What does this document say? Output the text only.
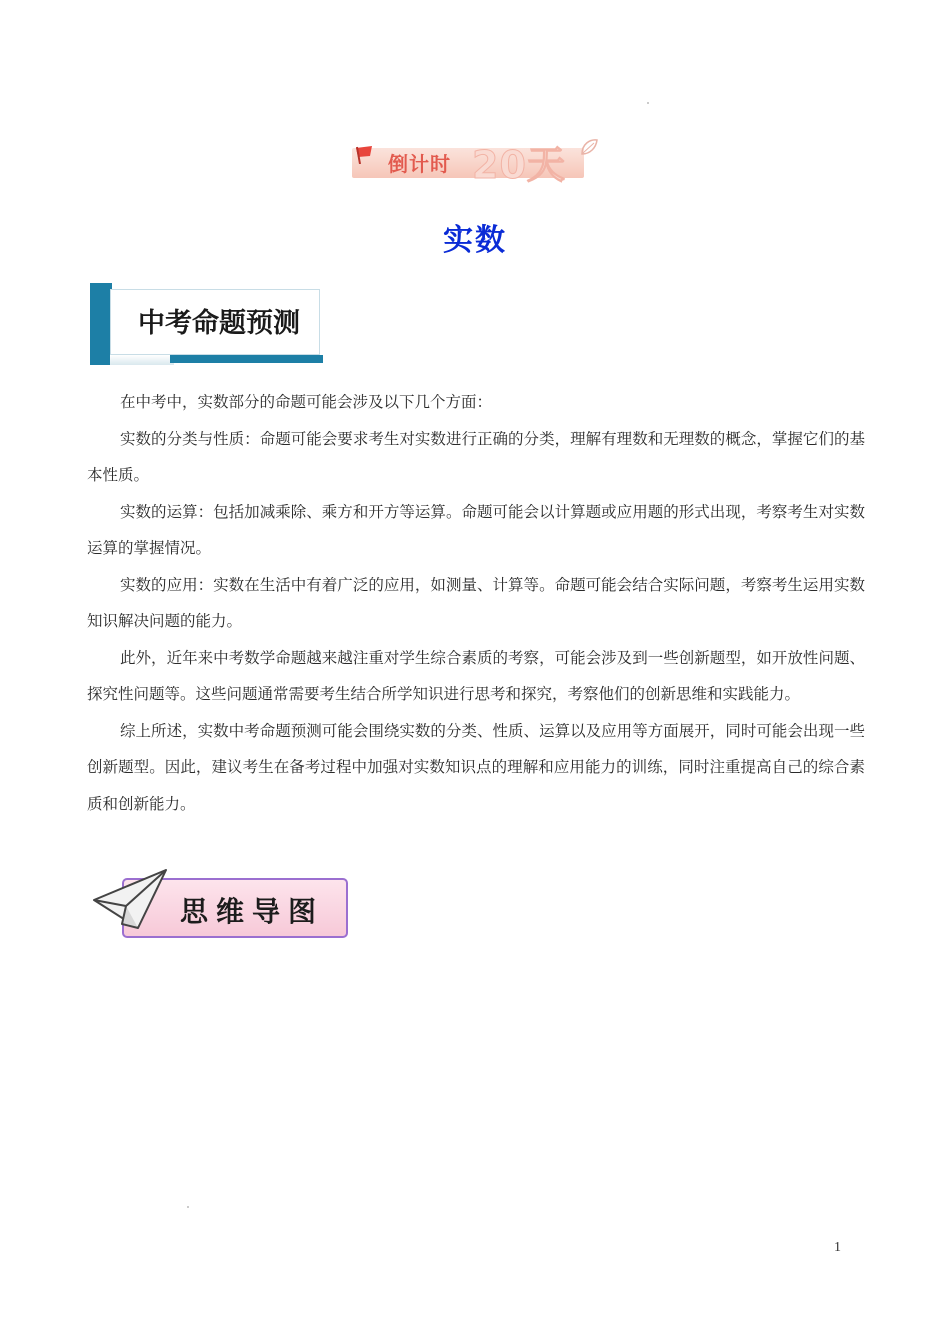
倒计时 20天
实数
中考命题预测

在中考中，实数部分的命题可能会涉及以下几个方面：

实数的分类与性质：命题可能会要求考生对实数进行正确的分类，理解有理数和无理数的概念，掌握它们的基本性质。

实数的运算：包括加减乘除、乘方和开方等运算。命题可能会以计算题或应用题的形式出现，考察考生对实数运算的掌握情况。

实数的应用：实数在生活中有着广泛的应用，如测量、计算等。命题可能会结合实际问题，考察考生运用实数知识解决问题的能力。

此外，近年来中考数学命题越来越注重对学生综合素质的考察，可能会涉及到一些创新题型，如开放性问题、探究性问题等。这些问题通常需要考生结合所学知识进行思考和探究，考察他们的创新思维和实践能力。

综上所述，实数中考命题预测可能会围绕实数的分类、性质、运算以及应用等方面展开，同时可能会出现一些创新题型。因此，建议考生在备考过程中加强对实数知识点的理解和应用能力的训练，同时注重提高自己的综合素质和创新能力。

思维导图
1
